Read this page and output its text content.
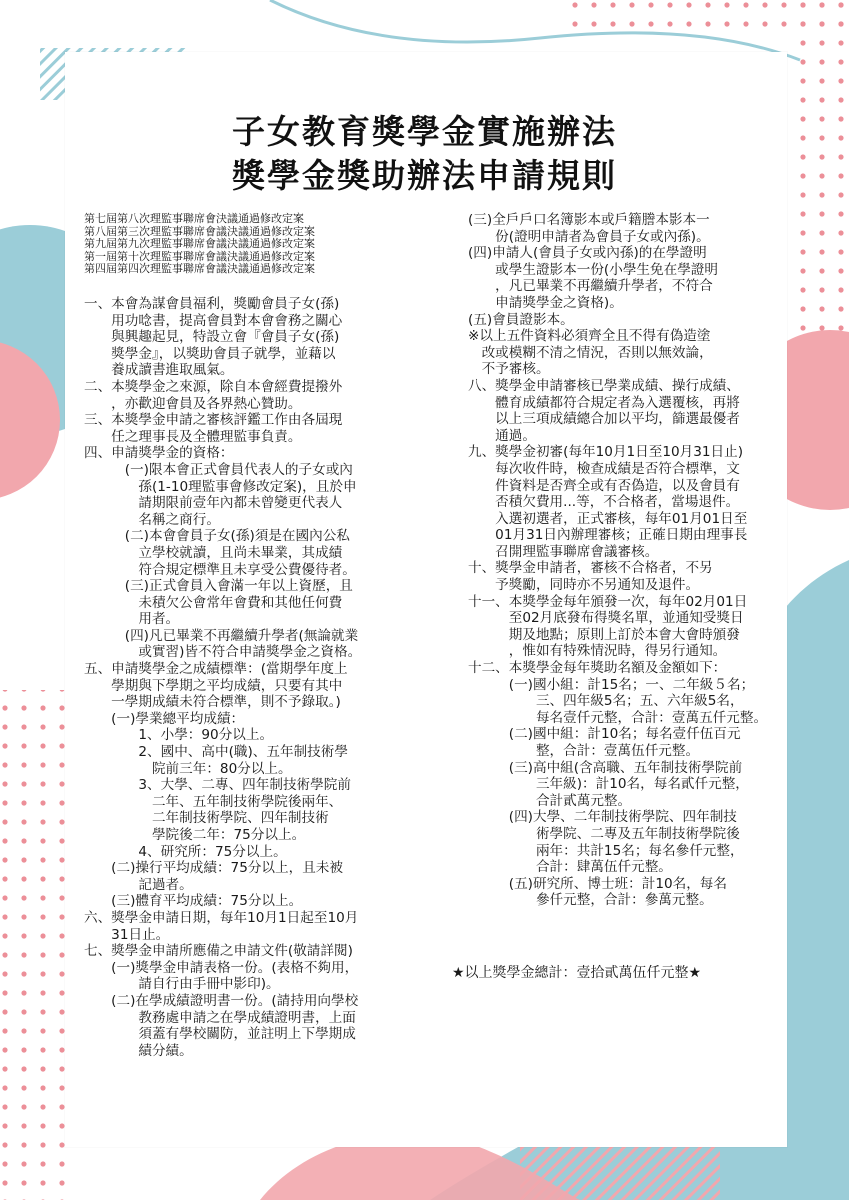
子女教育獎學金實施辦法
獎學金獎助辦法申請規則
第七屆第八次理監事聯席會決議通過修改定案
第八屆第三次理監事聯席會議決議通過修改定案
第九屆第九次理監事聯席會議決議通過修改定案
第一屆第十次理監事聯席會議決議通過修改定案
第四屆第四次理監事聯席會議決議通過修改定案

一、本會為謀會員福利，獎勵會員子女(孫)

　　用功唸書，提高會員對本會會務之關心

　　與興趣起見，特設立會『會員子女(孫)

　　獎學金』，以獎助會員子就學，並藉以

　　養成讀書進取風氣。

二、本獎學金之來源，除自本會經費提撥外

　　，亦歡迎會員及各界熱心贊助。

三、本獎學金申請之審核評鑑工作由各屆現

　　任之理事長及全體理監事負責。

四、申請獎學金的資格：

　　　(一)限本會正式會員代表人的子女或內

　　　　孫(1-10理監事會修改定案)，且於申

　　　　請期限前壹年內都未曾變更代表人

　　　　名稱之商行。

　　　(二)本會會員子女(孫)須是在國內公私

　　　　立學校就讀，且尚未畢業，其成績

　　　　符合規定標準且未享受公費優待者。

　　　(三)正式會員入會滿一年以上資歷，且

　　　　未積欠公會常年會費和其他任何費

　　　　用者。

　　　(四)凡已畢業不再繼續升學者(無論就業

　　　　或實習)皆不符合申請獎學金之資格。

五、申請獎學金之成績標準：(當期學年度上

　　學期與下學期之平均成績，只要有其中

　　一學期成績未符合標準，則不予錄取。)

　　(一)學業總平均成績：

　　　　1、小學：90分以上。

　　　　2、國中、高中(職)、五年制技術學

　　　　　院前三年：80分以上。

　　　　3、大學、二專、四年制技術學院前

　　　　　二年、五年制技術學院後兩年、

　　　　　二年制技術學院、四年制技術

　　　　　學院後二年：75分以上。

　　　　4、研究所：75分以上。

　　(二)操行平均成績：75分以上，且未被

　　　　記過者。

　　(三)體育平均成績：75分以上。

六、獎學金申請日期，每年10月1日起至10月

　　31日止。

七、獎學金申請所應備之申請文件(敬請詳閱)

　　(一)獎學金申請表格一份。(表格不夠用，

　　　　請自行由手冊中影印)。

　　(二)在學成績證明書一份。(請持用向學校

　　　　教務處申請之在學成績證明書，上面

　　　　須蓋有學校關防，並註明上下學期成

　　　　績分績。

(三)全戶戶口名簿影本或戶籍謄本影本一

　　份(證明申請者為會員子女或內孫)。

(四)申請人(會員子女或內孫)的在學證明

　　或學生證影本一份(小學生免在學證明

　　，凡已畢業不再繼續升學者，不符合

　　申請獎學金之資格)。

(五)會員證影本。

※以上五件資料必須齊全且不得有偽造塗

　改或模糊不清之情況，否則以無效論，

　不予審核。

八、獎學金申請審核已學業成績、操行成績、

　　體育成績都符合規定者為入選覆核，再將

　　以上三項成績總合加以平均，篩選最優者

　　通過。

九、獎學金初審(每年10月1日至10月31日止)

　　每次收件時，檢查成績是否符合標準，文

　　件資料是否齊全或有否偽造，以及會員有

　　否積欠費用...等，不合格者，當場退件。

　　入選初選者，正式審核，每年01月01日至

　　01月31日內辦理審核；正確日期由理事長

　　召開理監事聯席會議審核。

十、獎學金申請者，審核不合格者，不另

　　予獎勵，同時亦不另通知及退件。

十一、本獎學金每年頒發一次，每年02月01日

　　　至02月底發布得獎名單，並通知受獎日

　　　期及地點；原則上訂於本會大會時頒發

　　　，惟如有特殊情況時，得另行通知。

十二、本獎學金每年獎助名額及金額如下：

　　　(一)國小組：計15名；一、二年級５名；

　　　　　三、四年級5名；五、六年級5名，

　　　　　每名壹仟元整，合計：壹萬五仟元整。

　　　(二)國中組：計10名；每名壹仟伍百元

　　　　　整，合計：壹萬伍仟元整。

　　　(三)高中組(含高職、五年制技術學院前

　　　　　三年級)：計10名，每名貳仟元整，

　　　　　合計貳萬元整。

　　　(四)大學、二年制技術學院、四年制技

　　　　　術學院、二專及五年制技術學院後

　　　　　兩年：共計15名；每名參仟元整，

　　　　　合計：肆萬伍仟元整。

　　　(五)研究所、博士班：計10名，每名

　　　　　參仟元整，合計：參萬元整。

★以上獎學金總計：壹拾貳萬伍仟元整★
